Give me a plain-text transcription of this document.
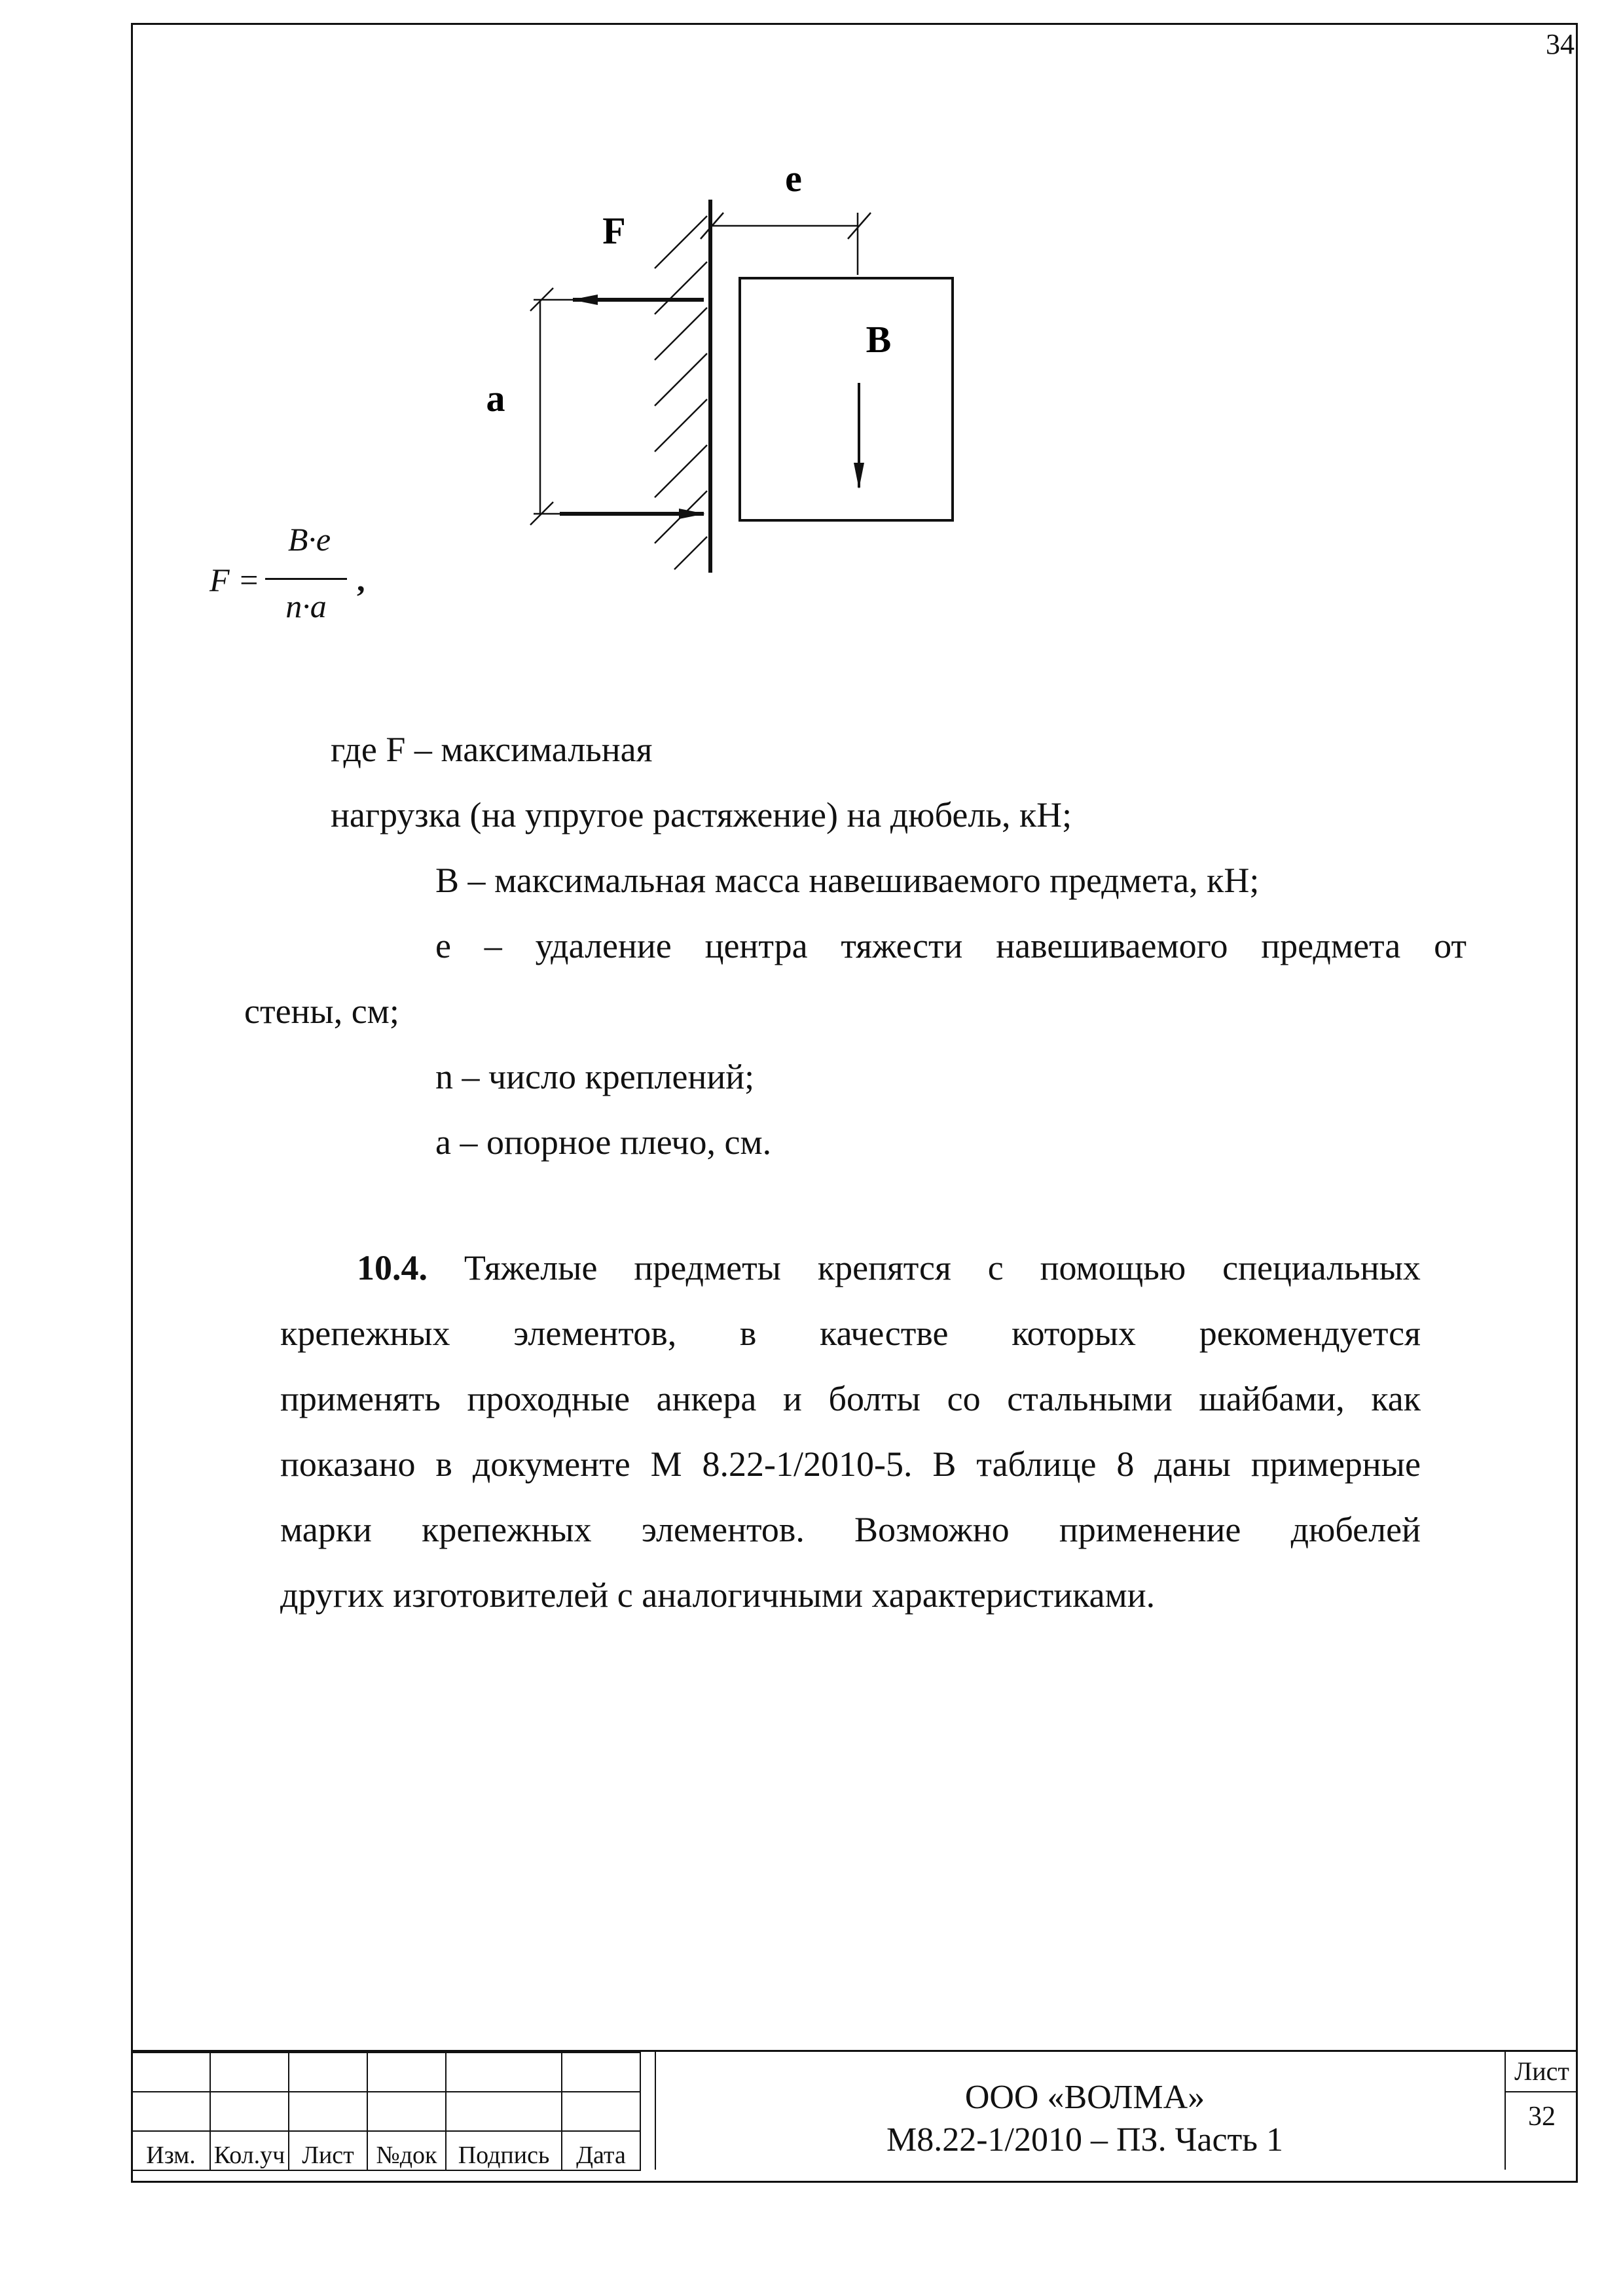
34
F
e
B
a
F =
B·e
n·a
,
где F – максимальная
нагрузка (на упругое растяжение) на дюбель, кН;
В – максимальная масса навешиваемого предмета, кН;
е – удаление центра тяжести навешиваемого предмета от
стены, см;
n – число креплений;
а – опорное плечо, см.
10.4. Тяжелые предметы крепятся с помощью специальных
крепежных элементов, в качестве которых рекомендуется
применять проходные анкера и болты со стальными шайбами, как
показано в документе М 8.22-1/2010-5. В таблице 8 даны примерные
марки крепежных элементов. Возможно применение дюбелей
других изготовителей с аналогичными характеристиками.

Изм.	Кол.уч	Лист	№док	Подпись	Дата
ООО «ВОЛМА»
М8.22-1/2010 – ПЗ. Часть 1
Лист
32
